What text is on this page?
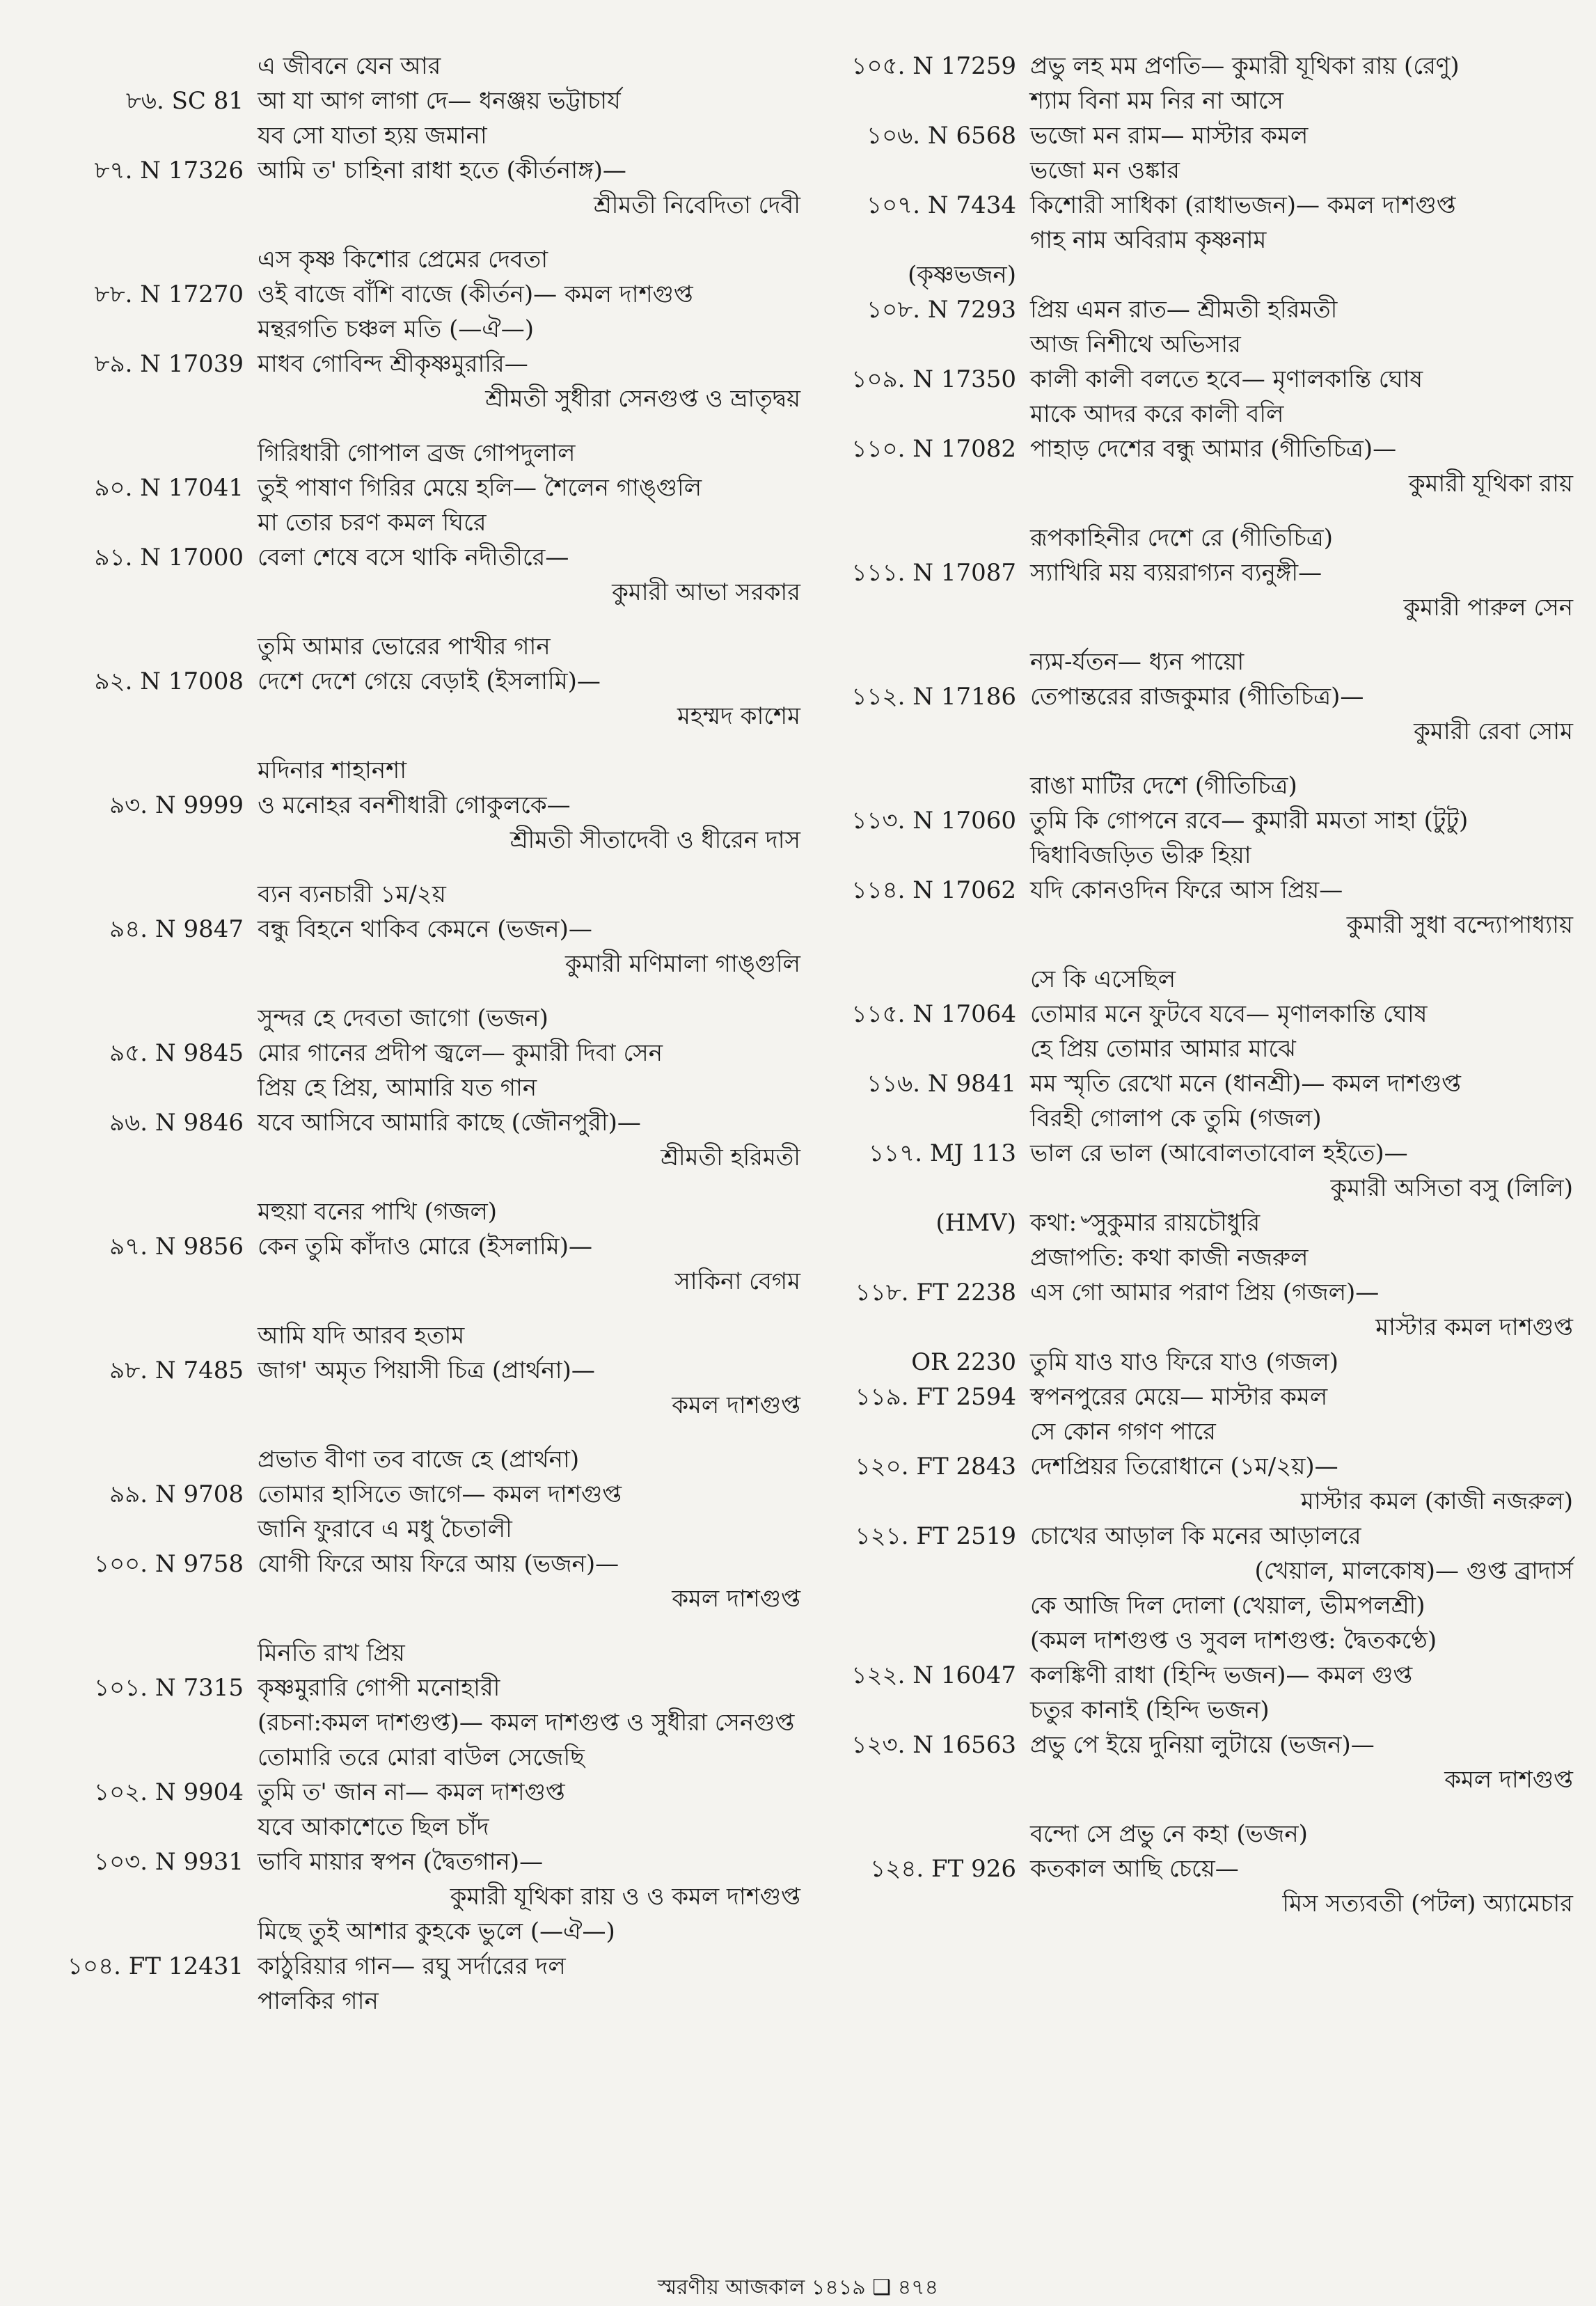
এ জীবনে যেন আর
৮৬. SC 81 আ যা আগ লাগা দে— ধনঞ্জয় ভট্টাচার্য
যব সো যাতা হ্যয় জমানা
৮৭. N 17326 আমি ত' চাহিনা রাধা হতে (কীর্তনাঙ্গ)—
শ্রীমতী নিবেদিতা দেবী
এস কৃষ্ণ কিশোর প্রেমের দেবতা
৮৮. N 17270 ওই বাজে বাঁশি বাজে (কীর্তন)— কমল দাশগুপ্ত
মন্থরগতি চঞ্চল মতি (—ঐ—)
৮৯. N 17039 মাধব গোবিন্দ শ্রীকৃষ্ণমুরারি—
শ্রীমতী সুধীরা সেনগুপ্ত ও ভ্রাতৃদ্বয়
গিরিধারী গোপাল ব্রজ গোপদুলাল
৯০. N 17041 তুই পাষাণ গিরির মেয়ে হলি— শৈলেন গাঙ্গুলি
মা তোর চরণ কমল ঘিরে
৯১. N 17000 বেলা শেষে বসে থাকি নদীতীরে—
কুমারী আভা সরকার
তুমি আমার ভোরের পাখীর গান
৯২. N 17008 দেশে দেশে গেয়ে বেড়াই (ইসলামি)—
মহম্মদ কাশেম
মদিনার শাহানশা
৯৩. N 9999 ও মনোহর বনশীধারী গোকুলকে—
শ্রীমতী সীতাদেবী ও ধীরেন দাস
ব্যন ব্যনচারী ১ম/২য়
৯৪. N 9847 বন্ধু বিহনে থাকিব কেমনে (ভজন)—
কুমারী মণিমালা গাঙ্গুলি
সুন্দর হে দেবতা জাগো (ভজন)
৯৫. N 9845 মোর গানের প্রদীপ জ্বলে— কুমারী দিবা সেন
প্রিয় হে প্রিয়, আমারি যত গান
৯৬. N 9846 যবে আসিবে আমারি কাছে (জৌনপুরী)—
শ্রীমতী হরিমতী
মহুয়া বনের পাখি (গজল)
৯৭. N 9856 কেন তুমি কাঁদাও মোরে (ইসলামি)—
সাকিনা বেগম
আমি যদি আরব হতাম
৯৮. N 7485 জাগ' অমৃত পিয়াসী চিত্র (প্রার্থনা)—
কমল দাশগুপ্ত
প্রভাত বীণা তব বাজে হে (প্রার্থনা)
৯৯. N 9708 তোমার হাসিতে জাগে— কমল দাশগুপ্ত
জানি ফুরাবে এ মধু চৈতালী
১০০. N 9758 যোগী ফিরে আয় ফিরে আয় (ভজন)—
কমল দাশগুপ্ত
মিনতি রাখ প্রিয়
১০১. N 7315 কৃষ্ণমুরারি গোপী মনোহারী
(রচনা:কমল দাশগুপ্ত)— কমল দাশগুপ্ত ও সুধীরা সেনগুপ্ত
তোমারি তরে মোরা বাউল সেজেছি
১০২. N 9904 তুমি ত' জান না— কমল দাশগুপ্ত
যবে আকাশেতে ছিল চাঁদ
১০৩. N 9931 ভাবি মায়ার স্বপন (দ্বৈতগান)—
কুমারী যূথিকা রায় ও ও কমল দাশগুপ্ত
মিছে তুই আশার কুহকে ভুলে (—ঐ—)
১০৪. FT 12431 কাঠুরিয়ার গান— রঘু সর্দারের দল
পালকির গান
১০৫. N 17259 প্রভু লহ মম প্রণতি— কুমারী যূথিকা রায় (রেণু)
শ্যাম বিনা মম নির না আসে
১০৬. N 6568 ভজো মন রাম— মাস্টার কমল
ভজো মন ওঙ্কার
১০৭. N 7434 কিশোরী সাধিকা (রাধাভজন)— কমল দাশগুপ্ত
গাহ নাম অবিরাম কৃষ্ণনাম
(কৃষ্ণভজন)
১০৮. N 7293 প্রিয় এমন রাত— শ্রীমতী হরিমতী
আজ নিশীথে অভিসার
১০৯. N 17350 কালী কালী বলতে হবে— মৃণালকান্তি ঘোষ
মাকে আদর করে কালী বলি
১১০. N 17082 পাহাড় দেশের বন্ধু আমার (গীতিচিত্র)—
কুমারী যূথিকা রায়
রূপকাহিনীর দেশে রে (গীতিচিত্র)
১১১. N 17087 স্যাখিরি ময় ব্যয়রাগ্যন ব্যনুঙ্গী—
কুমারী পারুল সেন
ন্যম-র্যতন— ধ্যন পায়ো
১১২. N 17186 তেপান্তরের রাজকুমার (গীতিচিত্র)—
কুমারী রেবা সোম
রাঙা মাটির দেশে (গীতিচিত্র)
১১৩. N 17060 তুমি কি গোপনে রবে— কুমারী মমতা সাহা (টুটু)
দ্বিধাবিজড়িত ভীরু হিয়া
১১৪. N 17062 যদি কোনওদিন ফিরে আস প্রিয়—
কুমারী সুধা বন্দ্যোপাধ্যায়
সে কি এসেছিল
১১৫. N 17064 তোমার মনে ফুটবে যবে— মৃণালকান্তি ঘোষ
হে প্রিয় তোমার আমার মাঝে
১১৬. N 9841 মম স্মৃতি রেখো মনে (ধানশ্রী)— কমল দাশগুপ্ত
বিরহী গোলাপ কে তুমি (গজল)
১১৭. MJ 113 ভাল রে ভাল (আবোলতাবোল হইতে)—
কুমারী অসিতা বসু (লিলি)
(HMV) কথা:৺সুকুমার রায়চৌধুরি
প্রজাপতি: কথা কাজী নজরুল
১১৮. FT 2238 এস গো আমার পরাণ প্রিয় (গজল)—
মাস্টার কমল দাশগুপ্ত
OR 2230 তুমি যাও যাও ফিরে যাও (গজল)
১১৯. FT 2594 স্বপনপুরের মেয়ে— মাস্টার কমল
সে কোন গগণ পারে
১২০. FT 2843 দেশপ্রিয়র তিরোধানে (১ম/২য়)—
মাস্টার কমল (কাজী নজরুল)
১২১. FT 2519 চোখের আড়াল কি মনের আড়ালরে
(খেয়াল, মালকোষ)— গুপ্ত ব্রাদার্স
কে আজি দিল দোলা (খেয়াল, ভীমপলশ্রী)
(কমল দাশগুপ্ত ও সুবল দাশগুপ্ত: দ্বৈতকণ্ঠে)
১২২. N 16047 কলঙ্কিণী রাধা (হিন্দি ভজন)— কমল গুপ্ত
চতুর কানাই (হিন্দি ভজন)
১২৩. N 16563 প্রভু পে ইয়ে দুনিয়া লুটায়ে (ভজন)—
কমল দাশগুপ্ত
বন্দো সে প্রভু নে কহা (ভজন)
১২৪. FT 926 কতকাল আছি চেয়ে—
মিস সত্যবতী (পটল) অ্যামেচার
স্মরণীয় আজকাল ১৪১৯ ❑ ৪৭৪
